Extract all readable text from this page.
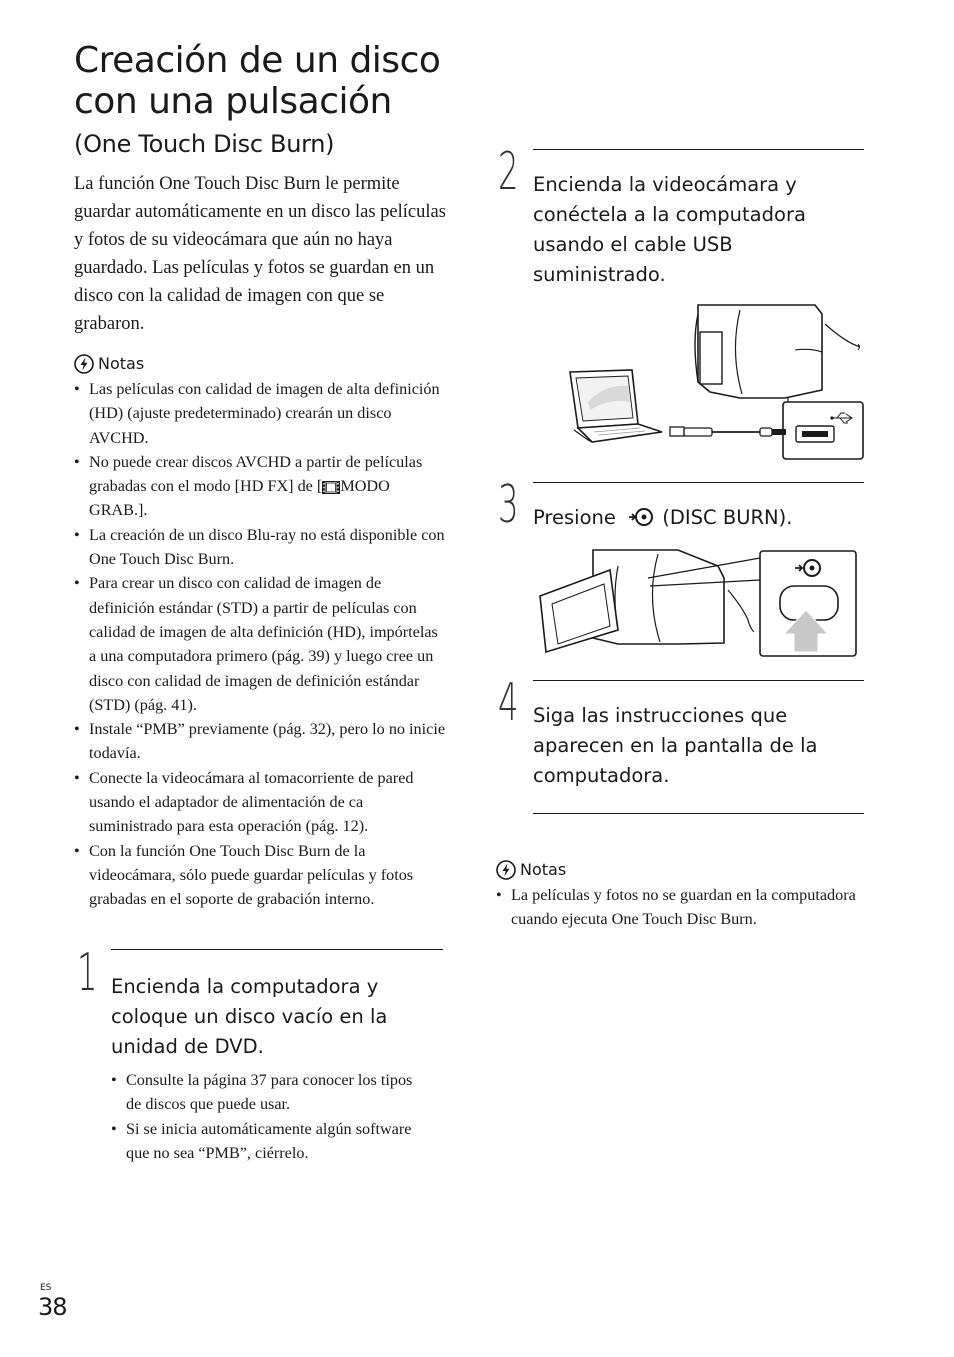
Creación de un disco
con una pulsación
(One Touch Disc Burn)

La función One Touch Disc Burn le permite guardar automáticamente en un disco las películas y fotos de su videocámara que aún no haya guardado. Las películas y fotos se guardan en un disco con la calidad de imagen con que se grabaron.

Notas
• Las películas con calidad de imagen de alta definición (HD) (ajuste predeterminado) crearán un disco AVCHD.
• No puede crear discos AVCHD a partir de películas grabadas con el modo [HD FX] de [ MODO GRAB.].
• La creación de un disco Blu-ray no está disponible con One Touch Disc Burn.
• Para crear un disco con calidad de imagen de definición estándar (STD) a partir de películas con calidad de imagen de alta definición (HD), impórtelas a una computadora primero (pág. 39) y luego cree un disco con calidad de imagen de definición estándar (STD) (pág. 41).
• Instale “PMB” previamente (pág. 32), pero lo no inicie todavía.
• Conecte la videocámara al tomacorriente de pared usando el adaptador de alimentación de ca suministrado para esta operación (pág. 12).
• Con la función One Touch Disc Burn de la videocámara, sólo puede guardar películas y fotos grabadas en el soporte de grabación interno.
1 Encienda la computadora y coloque un disco vacío en la unidad de DVD.

• Consulte la página 37 para conocer los tipos de discos que puede usar.
• Si se inicia automáticamente algún software que no sea “PMB”, ciérrelo.
ES
38
2 Encienda la videocámara y conéctela a la computadora usando el cable USB suministrado.

3 Presione (DISC BURN).

4 Siga las instrucciones que aparecen en la pantalla de la computadora.

Notas
• La películas y fotos no se guardan en la computadora cuando ejecuta One Touch Disc Burn.
